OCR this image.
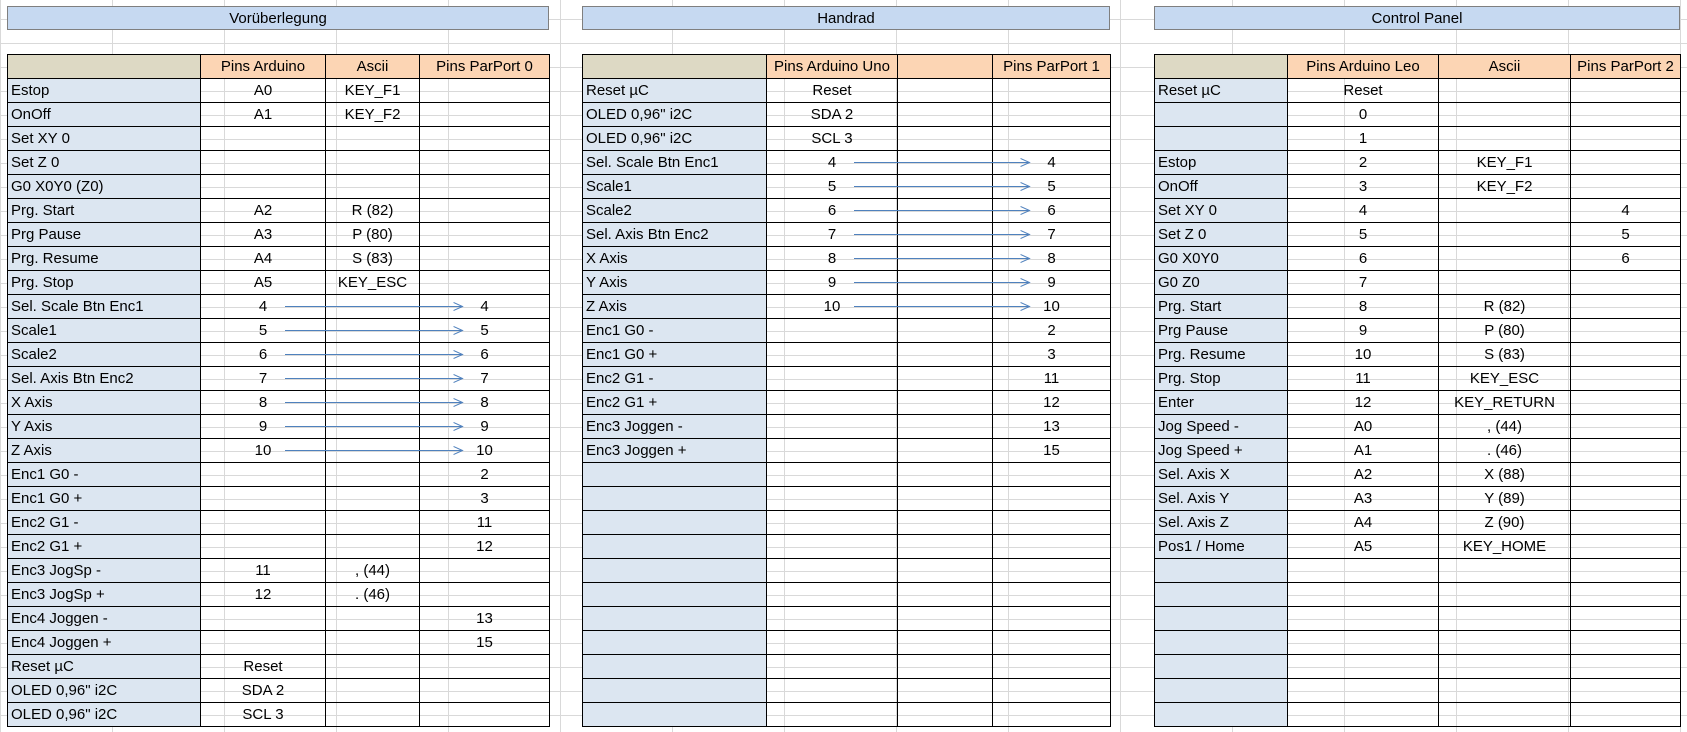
Vorüberlegung
	Pins Arduino	Ascii	Pins ParPort 0
Estop	A0	KEY_F1	
OnOff	A1	KEY_F2	
Set XY 0			
Set Z 0			
G0 X0Y0 (Z0)			
Prg. Start	A2	R (82)	
Prg Pause	A3	P (80)	
Prg. Resume	A4	S (83)	
Prg. Stop	A5	KEY_ESC	
Sel. Scale Btn Enc1	4		4
Scale1	5		5
Scale2	6		6
Sel. Axis Btn Enc2	7		7
X Axis	8		8
Y Axis	9		9
Z Axis	10		10
Enc1 G0 -			2
Enc1 G0 +			3
Enc2 G1 -			11
Enc2 G1 +			12
Enc3 JogSp -	11	, (44)	
Enc3 JogSp +	12	. (46)	
Enc4 Joggen -			13
Enc4 Joggen +			15
Reset µC	Reset		
OLED 0,96" i2C	SDA 2		
OLED 0,96" i2C	SCL 3		
Handrad
	Pins Arduino Uno		Pins ParPort 1
Reset µC	Reset		
OLED 0,96" i2C	SDA 2		
OLED 0,96" i2C	SCL 3		
Sel. Scale Btn Enc1	4		4
Scale1	5		5
Scale2	6		6
Sel. Axis Btn Enc2	7		7
X Axis	8		8
Y Axis	9		9
Z Axis	10		10
Enc1 G0 -			2
Enc1 G0 +			3
Enc2 G1 -			11
Enc2 G1 +			12
Enc3 Joggen -			13
Enc3 Joggen +			15

Control Panel
	Pins Arduino Leo	Ascii	Pins ParPort 2
Reset µC	Reset		
	0		
	1		
Estop	2	KEY_F1	
OnOff	3	KEY_F2	
Set XY 0	4		4
Set Z 0	5		5
G0 X0Y0	6		6
G0 Z0	7		
Prg. Start	8	R (82)	
Prg Pause	9	P (80)	
Prg. Resume	10	S (83)	
Prg. Stop	11	KEY_ESC	
Enter	12	KEY_RETURN	
Jog Speed -	A0	, (44)	
Jog Speed +	A1	. (46)	
Sel. Axis X	A2	X (88)	
Sel. Axis Y	A3	Y (89)	
Sel. Axis Z	A4	Z (90)	
Pos1 / Home	A5	KEY_HOME	
